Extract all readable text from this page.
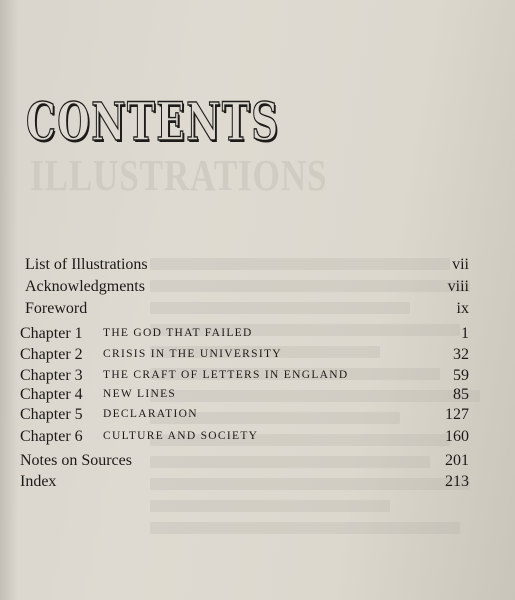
ILLUSTRATIONS
CONTENTS
List of Illustrations	vii
Acknowledgments	viii
Foreword	ix
Chapter 1 THE GOD THAT FAILED	1
Chapter 2 CRISIS IN THE UNIVERSITY	32
Chapter 3 THE CRAFT OF LETTERS IN ENGLAND	59
Chapter 4 NEW LINES	85
Chapter 5 DECLARATION	127
Chapter 6 CULTURE AND SOCIETY	160
Notes on Sources	201
Index	213
